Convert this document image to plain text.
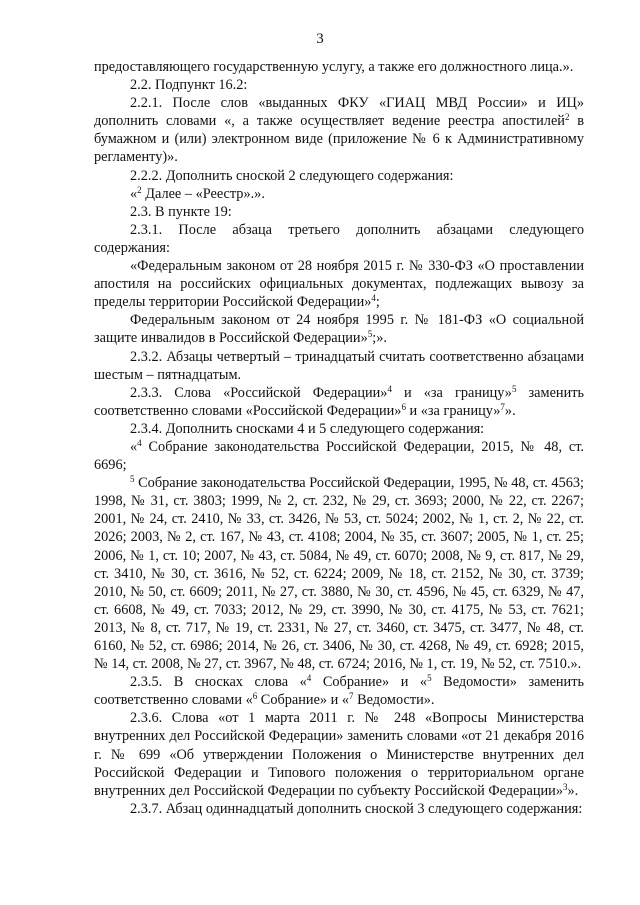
3

предоставляющего государственную услугу, а также его должностного лица.».

2.2. Подпункт 16.2:

2.2.1. После слов «выданных ФКУ «ГИАЦ МВД России» и ИЦ» дополнить словами «, а также осуществляет ведение реестра апостилей$^2$ в бумажном и (или) электронном виде (приложение № 6 к Административному регламенту)».

2.2.2. Дополнить сноской 2 следующего содержания:

«$^2$ Далее – «Реестр».».

2.3. В пункте 19:

2.3.1. После абзаца третьего дополнить абзацами следующего содержания:

«Федеральным законом от 28 ноября 2015 г. № 330-ФЗ «О проставлении апостиля на российских официальных документах, подлежащих вывозу за пределы территории Российской Федерации»$^4$;

Федеральным законом от 24 ноября 1995 г. № 181-ФЗ «О социальной защите инвалидов в Российской Федерации»$^5$;».

2.3.2. Абзацы четвертый – тринадцатый считать соответственно абзацами шестым – пятнадцатым.

2.3.3. Слова «Российской Федерации»$^4$ и «за границу»$^5$ заменить соответственно словами «Российской Федерации»$^6$ и «за границу»$^7$».

2.3.4. Дополнить сносками 4 и 5 следующего содержания:

«$^4$ Собрание законодательства Российской Федерации, 2015, № 48, ст. 6696;

$^5$ Собрание законодательства Российской Федерации, 1995, № 48, ст. 4563; 1998, № 31, ст. 3803; 1999, № 2, ст. 232, № 29, ст. 3693; 2000, № 22, ст. 2267; 2001, № 24, ст. 2410, № 33, ст. 3426, № 53, ст. 5024; 2002, № 1, ст. 2, № 22, ст. 2026; 2003, № 2, ст. 167, № 43, ст. 4108; 2004, № 35, ст. 3607; 2005, № 1, ст. 25; 2006, № 1, ст. 10; 2007, № 43, ст. 5084, № 49, ст. 6070; 2008, № 9, ст. 817, № 29, ст. 3410, № 30, ст. 3616, № 52, ст. 6224; 2009, № 18, ст. 2152, № 30, ст. 3739; 2010, № 50, ст. 6609; 2011, № 27, ст. 3880, № 30, ст. 4596, № 45, ст. 6329, № 47, ст. 6608, № 49, ст. 7033; 2012, № 29, ст. 3990, № 30, ст. 4175, № 53, ст. 7621; 2013, № 8, ст. 717, № 19, ст. 2331, № 27, ст. 3460, ст. 3475, ст. 3477, № 48, ст. 6160, № 52, ст. 6986; 2014, № 26, ст. 3406, № 30, ст. 4268, № 49, ст. 6928; 2015, № 14, ст. 2008, № 27, ст. 3967, № 48, ст. 6724; 2016, № 1, ст. 19, № 52, ст. 7510.».

2.3.5. В сносках слова «$^4$ Собрание» и «$^5$ Ведомости» заменить соответственно словами «$^6$ Собрание» и «$^7$ Ведомости».

2.3.6. Слова «от 1 марта 2011 г. № 248 «Вопросы Министерства внутренних дел Российской Федерации» заменить словами «от 21 декабря 2016 г. № 699 «Об утверждении Положения о Министерстве внутренних дел Российской Федерации и Типового положения о территориальном органе внутренних дел Российской Федерации по субъекту Российской Федерации»$^3$».

2.3.7. Абзац одиннадцатый дополнить сноской 3 следующего содержания:
